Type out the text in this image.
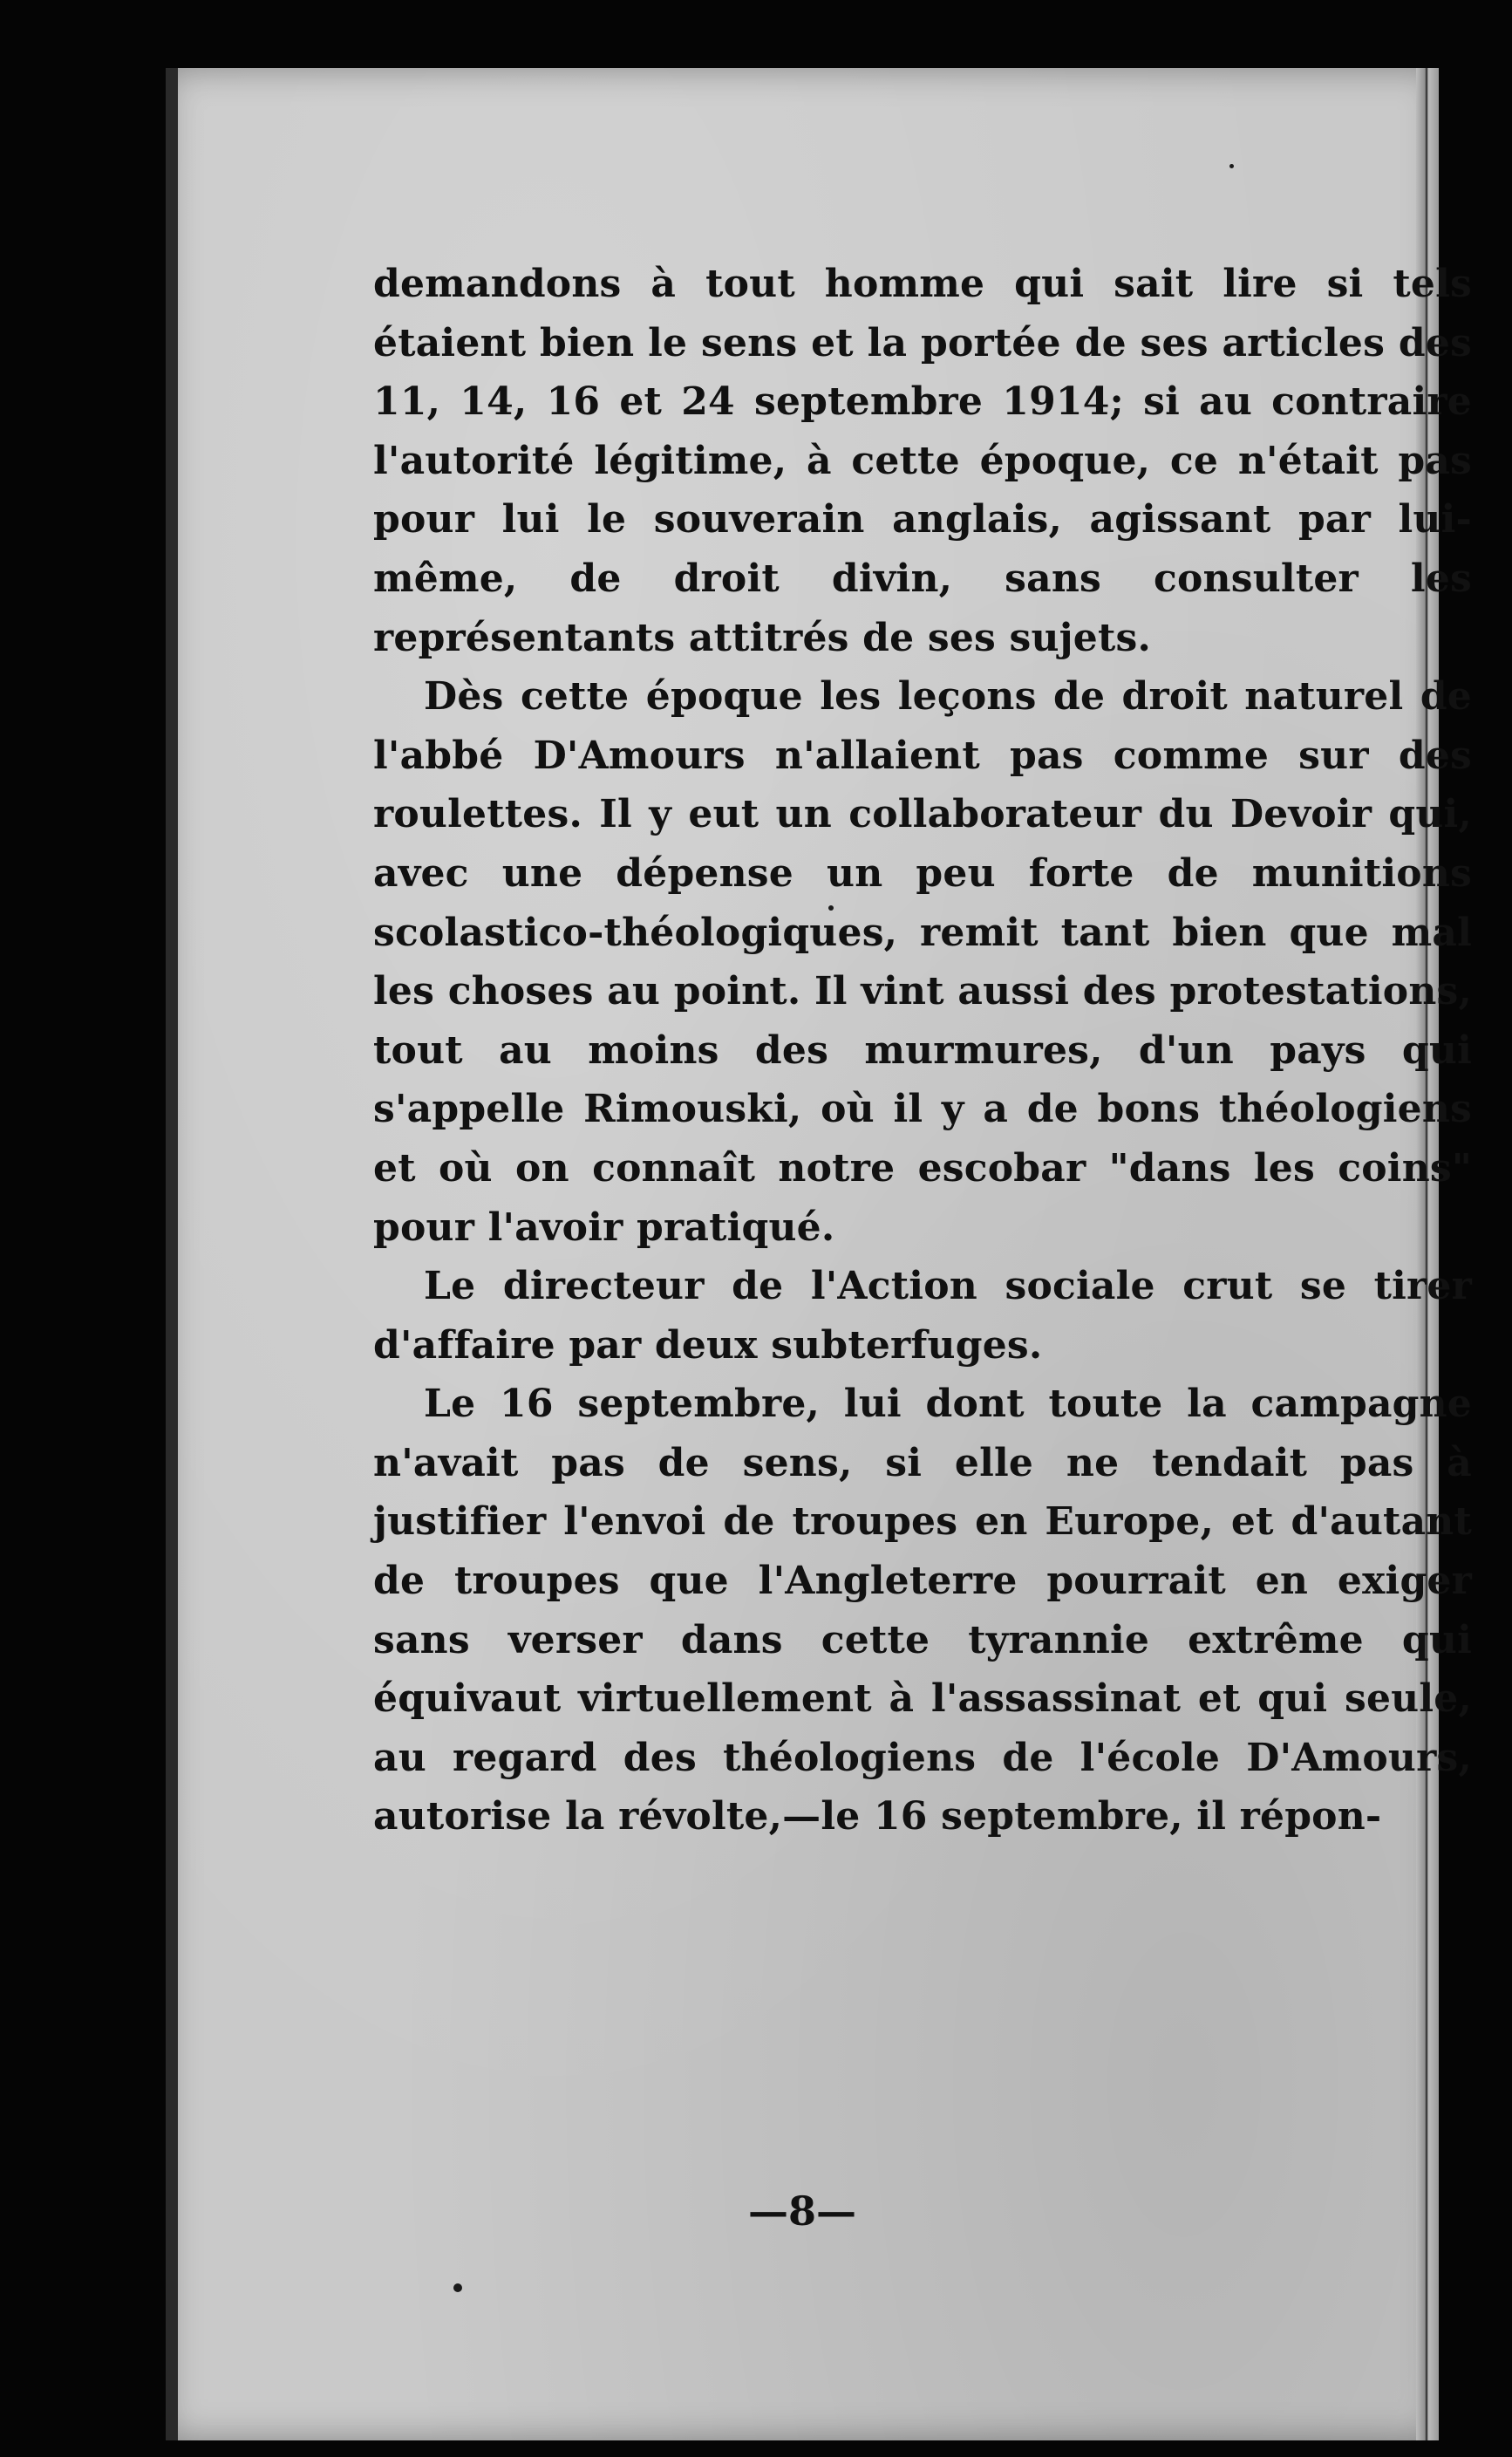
demandons à tout homme qui sait lire si tels étaient bien le sens et la portée de ses articles des 11, 14, 16 et 24 septembre 1914; si au contraire l'autorité légitime, à cette époque, ce n'était pas pour lui le souverain anglais, agissant par lui-même, de droit divin, sans consulter les représentants attitrés de ses sujets.

Dès cette époque les leçons de droit naturel de l'abbé D'Amours n'allaient pas comme sur des roulettes. Il y eut un collaborateur du Devoir qui, avec une dépense un peu forte de munitions scolastico-théologiques, remit tant bien que mal les choses au point. Il vint aussi des protestations, tout au moins des murmures, d'un pays qui s'appelle Rimouski, où il y a de bons théologiens et où on connaît notre escobar "dans les coins" pour l'avoir pratiqué.

Le directeur de l'Action sociale crut se tirer d'affaire par deux subterfuges.

Le 16 septembre, lui dont toute la campagne n'avait pas de sens, si elle ne tendait pas à justifier l'envoi de troupes en Europe, et d'autant de troupes que l'Angleterre pourrait en exiger sans verser dans cette tyrannie extrême qui équivaut virtuellement à l'assassinat et qui seule, au regard des théologiens de l'école D'Amours, autorise la révolte,—le 16 septembre, il répon-

—8—
